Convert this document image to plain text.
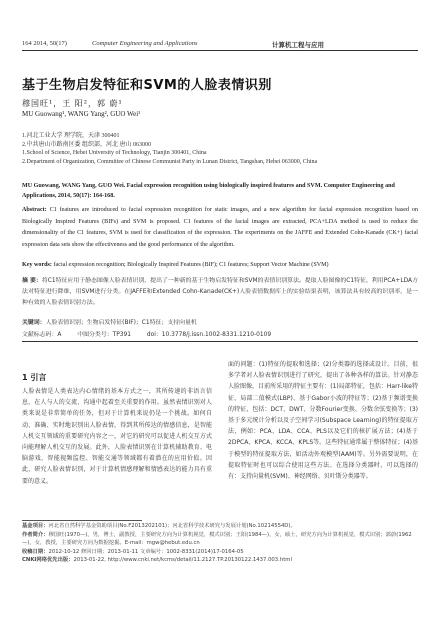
164 2014, 50(17)	Computer Engineering and Applications	计算机工程与应用
基于生物启发特征和SVM的人脸表情识别
穆国旺¹，王 阳²，郭 蔚¹
MU Guowang¹, WANG Yang², GUO Wei¹
1.河北工业大学 理学院，天津 300401
2.中共唐山市路南区委 组织部，河北 唐山 063000
1.School of Science, Hebei University of Technology, Tianjin 300401, China
2.Department of Organization, Committee of Chinese Communist Party in Lunan District, Tangshan, Hebei 063000, China
MU Guowang, WANG Yang, GUO Wei. Facial expression recognition using biologically inspired features and SVM. Computer Engineering and Applications, 2014, 50(17): 164-168.
Abstract: C1 features are introduced to facial expression recognition for static images, and a new algorithm for facial expression recognition based on Biologically Inspired Features (BIFs) and SVM is proposed. C1 features of the facial images are extracted, PCA+LDA method is used to reduce the dimensionality of the C1 features, SVM is used for classification of the expression. The experiments on the JAFFE and Extended Cohn-Kanade (CK+) facial expression data sets show the effectiveness and the good performance of the algorithm.
Key words: facial expression recognition; Biologically Inspired Features (BIF); C1 features; Support Vector Machine (SVM)
摘 要：将C1特征应用于静态图像人脸表情识别，提出了一种新的基于生物启发特征和SVM的表情识别算法。提取人脸图像的C1特征，利用PCA+LDA方法对特征进行降维，用SVM进行分类。在JAFFE和Extended Cohn-Kanade(CK+)人脸表情数据库上的实验结果表明，该算法具有较高的识别率，是一种有效的人脸表情识别方法。
关键词：人脸表情识别；生物启发特征(BIF)；C1特征；支持向量机
文献标志码：A	中图分类号：TP391	doi：10.3778/j.issn.1002-8331.1210-0109
1 引言
人脸表情是人类表达内心情绪的基本方式之一，其所传递的非语言信息，在人与人的交流、沟通中起着至关重要的作用。虽然表情识别对人类来说是非常简单的任务，但对于计算机来说仍是一个挑战。如何自动、准确、实时地识别出人脸表情，得到其所传达的情感信息，是智能人机交互领域的重要研究内容之一，对它的研究可以促进人机交互方式向能理解人机交互的发展。此外，人脸表情识别在计算机辅助教育、电脑游戏、智能视频监控、智能交通等领域都有着潜在的应用价值。因此，研究人脸表情识别，对于计算机情感理解和情感表达的能力具有重要的意义。
面的问题：(1)特征的提取和选择；(2)分类器的选择或设计。目前，很多学者对人脸表情识别进行了研究，提出了各种各样的算法。针对静态人脸图像，目前所采用的特征主要有：(1)局部特征，包括：Harr-like特征、局部二值模式(LBP)、基于Gabor小波的特征等；(2)基于频谱变换的特征，包括：DCT、DWT、分数Fourier变换、分数余弦变换等；(3)基于多元统计分析以及子空间学习(Subspace Learning)的特征提取方法，例如：PCA、LDA、CCA、PLS以及它们的核扩展方法；(4)基于2DPCA、KPCA、KCCA、KPLS等。这些特征通常属于整体特征；(4)基于模型的特征提取方法，如活动外观模型(AAM)等。另外需要说明，在提取特征时也可以综合使用这些方法。在选择分类器时，可以选择的有：支持向量机(SVM)、神经网络、贝叶斯分类器等。
基金项目：河北省自然科学基金资助项目(No.F2013202101)；河北省科学技术研究与发展计划(No.10214554D)。
作者简介：穆国旺(1970—)，男，博士，副教授，主要研究方向为计算机视觉，模式识别；王阳(1984—)，女，硕士，研究方向为计算机视觉，模式识别；郭蔚(1962—)，女，教授，主要研究方向为数据挖掘。E-mail：mgw@hebut.edu.cn
收稿日期：2012-10-12 修回日期：2013-01-11 文章编号：1002-8331(2014)17-0164-05
CNKI网络优先出版：2013-01-22, http://www.cnki.net/kcms/detail/11.2127.TP.20130122.1437.003.html
